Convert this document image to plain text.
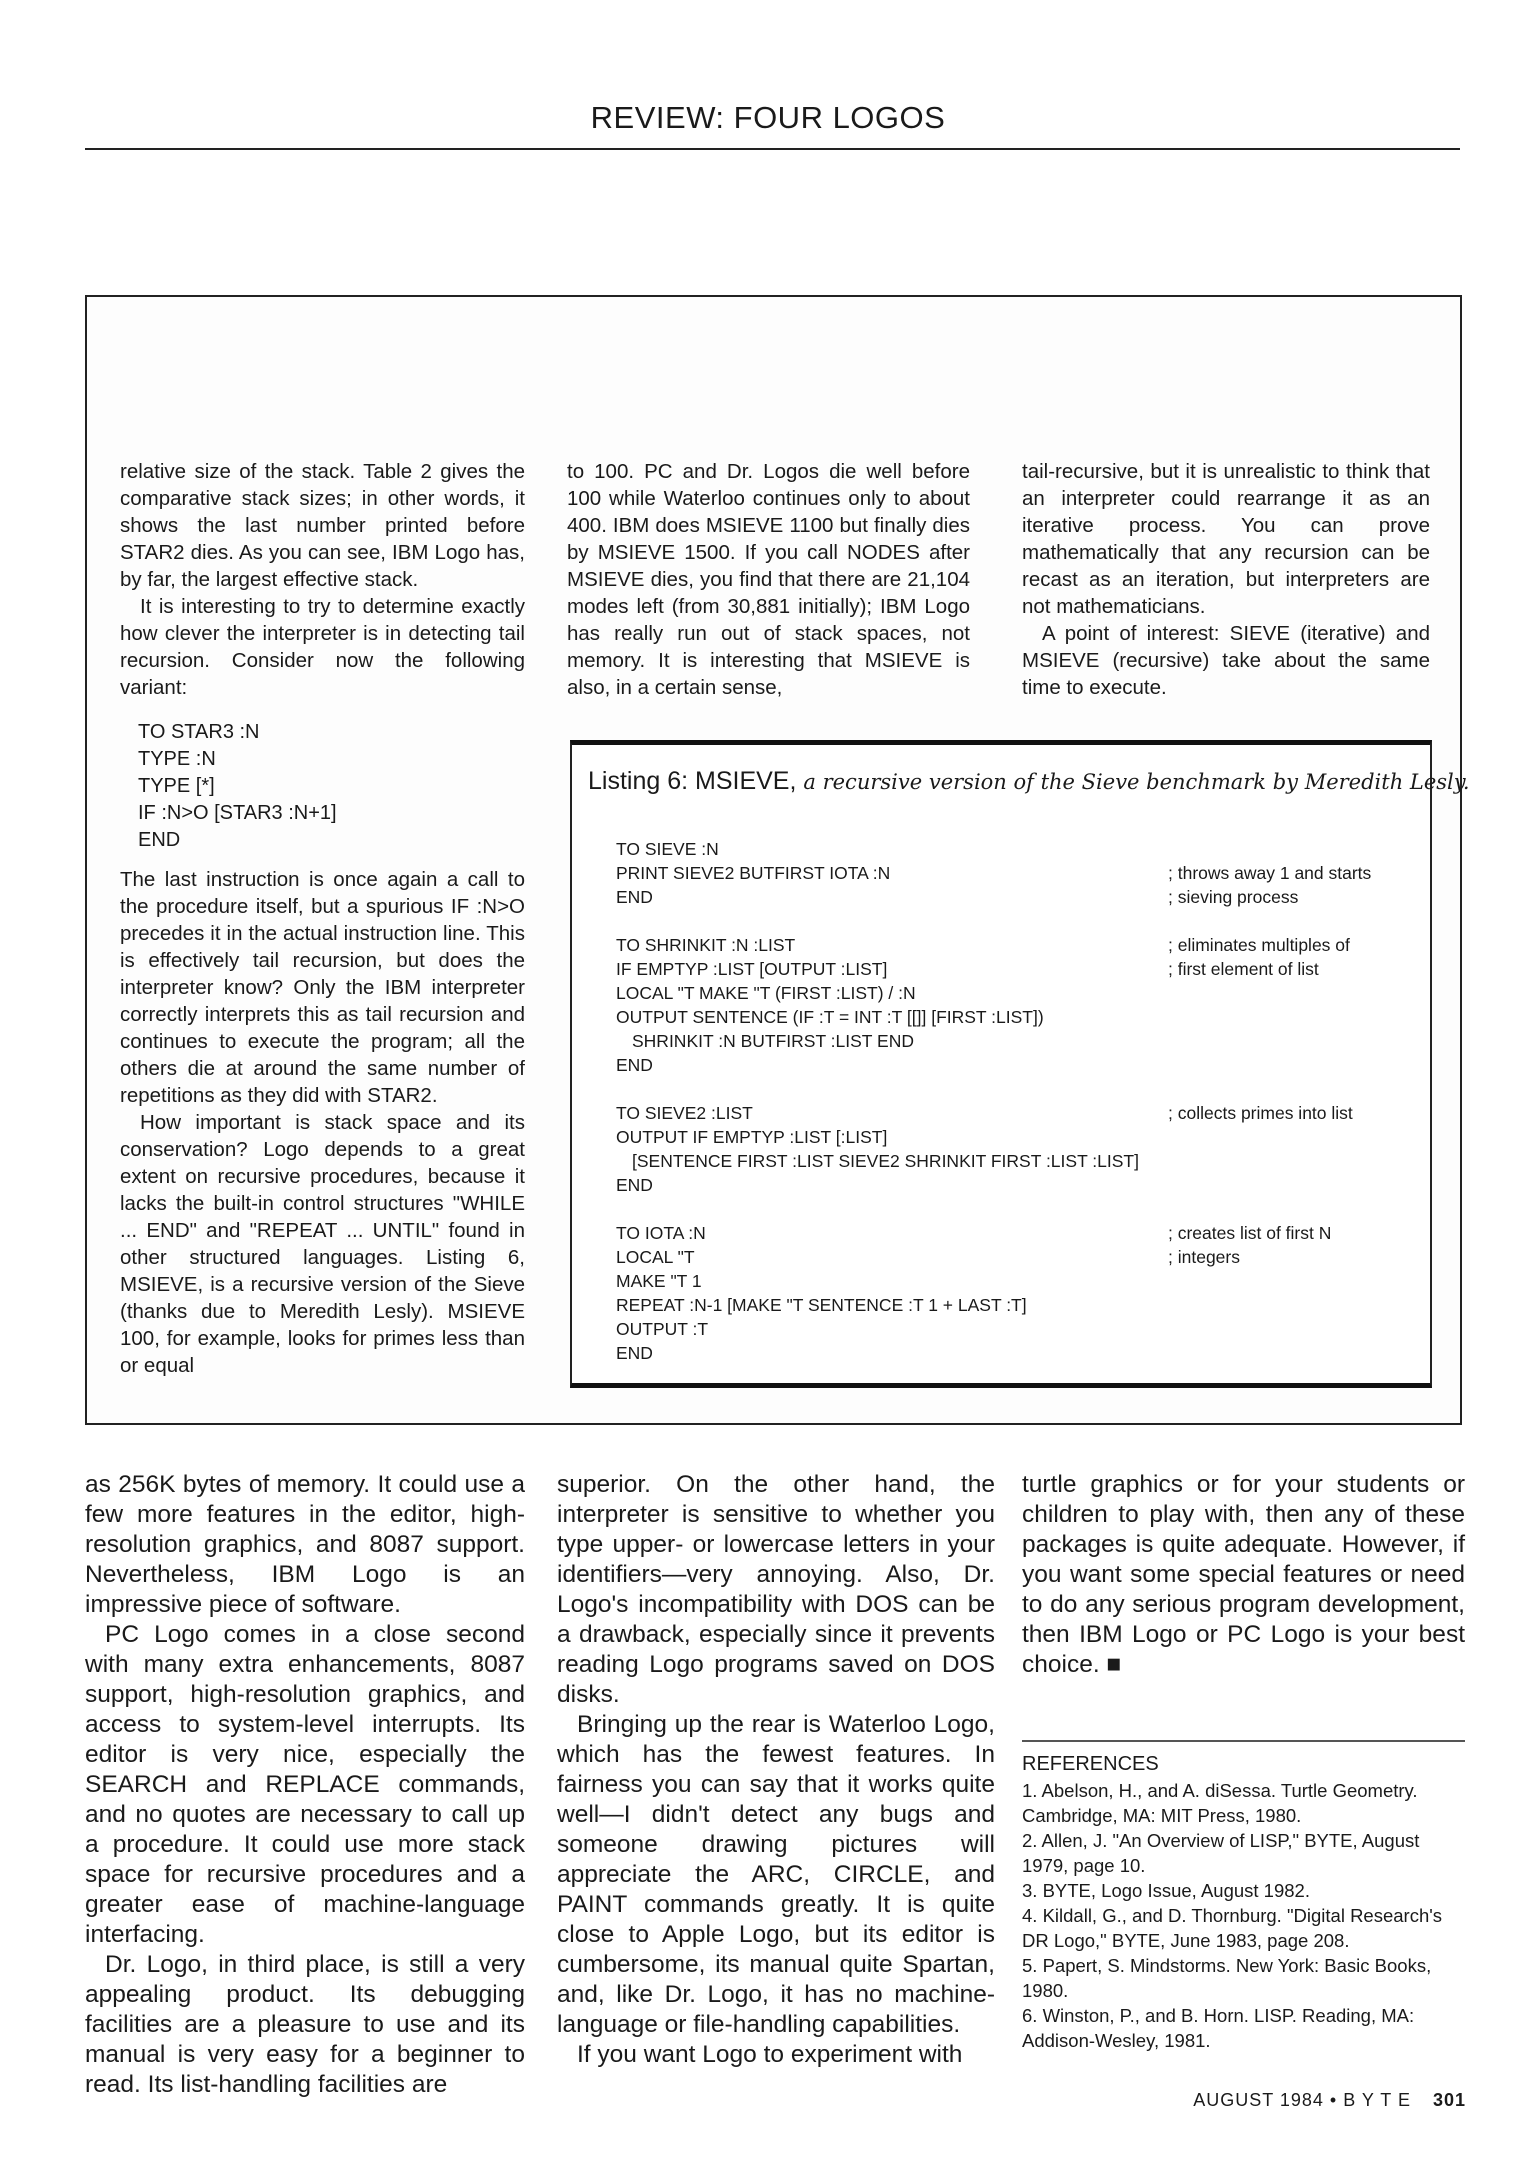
REVIEW: FOUR LOGOS

relative size of the stack. Table 2 gives the comparative stack sizes; in other words, it shows the last number printed before STAR2 dies. As you can see, IBM Logo has, by far, the largest effective stack.

It is interesting to try to determine exactly how clever the interpreter is in detecting tail recursion. Consider now the following variant:

TO STAR3 :N
TYPE :N
TYPE [*]
IF :N>O [STAR3 :N+1]
END

The last instruction is once again a call to the procedure itself, but a spurious IF :N>O precedes it in the actual instruction line. This is effectively tail recursion, but does the interpreter know? Only the IBM interpreter correctly interprets this as tail recursion and continues to execute the program; all the others die at around the same number of repetitions as they did with STAR2.

How important is stack space and its conservation? Logo depends to a great extent on recursive procedures, because it lacks the built-in control structures "WHILE ... END" and "REPEAT ... UNTIL" found in other structured languages. Listing 6, MSIEVE, is a recursive version of the Sieve (thanks due to Meredith Lesly). MSIEVE 100, for example, looks for primes less than or equal

to 100. PC and Dr. Logos die well before 100 while Waterloo continues only to about 400. IBM does MSIEVE 1100 but finally dies by MSIEVE 1500. If you call NODES after MSIEVE dies, you find that there are 21,104 modes left (from 30,881 initially); IBM Logo has really run out of stack spaces, not memory. It is interesting that MSIEVE is also, in a certain sense,

tail-recursive, but it is unrealistic to think that an interpreter could rearrange it as an iterative process. You can prove mathematically that any recursion can be recast as an iteration, but interpreters are not mathematicians.

A point of interest: SIEVE (iterative) and MSIEVE (recursive) take about the same time to execute.

Listing 6: MSIEVE, a recursive version of the Sieve benchmark by Meredith Lesly.
TO SIEVE :N
PRINT SIEVE2 BUTFIRST IOTA :N	; throws away 1 and starts
END	; sieving process
TO SHRINKIT :N :LIST	; eliminates multiples of
IF EMPTYP :LIST [OUTPUT :LIST]	; first element of list
LOCAL "T MAKE "T (FIRST :LIST) / :N
OUTPUT SENTENCE (IF :T = INT :T [[]] [FIRST :LIST])
SHRINKIT :N BUTFIRST :LIST END
END
TO SIEVE2 :LIST	; collects primes into list
OUTPUT IF EMPTYP :LIST [:LIST]
[SENTENCE FIRST :LIST SIEVE2 SHRINKIT FIRST :LIST :LIST]
END
TO IOTA :N	; creates list of first N
LOCAL "T	; integers
MAKE "T 1
REPEAT :N-1 [MAKE "T SENTENCE :T 1 + LAST :T]
OUTPUT :T
END

as 256K bytes of memory. It could use a few more features in the editor, high-resolution graphics, and 8087 support. Nevertheless, IBM Logo is an impressive piece of software.

PC Logo comes in a close second with many extra enhancements, 8087 support, high-resolution graphics, and access to system-level interrupts. Its editor is very nice, especially the SEARCH and REPLACE commands, and no quotes are necessary to call up a procedure. It could use more stack space for recursive procedures and a greater ease of machine-language interfacing.

Dr. Logo, in third place, is still a very appealing product. Its debugging facilities are a pleasure to use and its manual is very easy for a beginner to read. Its list-handling facilities are

superior. On the other hand, the interpreter is sensitive to whether you type upper- or lowercase letters in your identifiers—very annoying. Also, Dr. Logo's incompatibility with DOS can be a drawback, especially since it prevents reading Logo programs saved on DOS disks.

Bringing up the rear is Waterloo Logo, which has the fewest features. In fairness you can say that it works quite well—I didn't detect any bugs and someone drawing pictures will appreciate the ARC, CIRCLE, and PAINT commands greatly. It is quite close to Apple Logo, but its editor is cumbersome, its manual quite Spartan, and, like Dr. Logo, it has no machine-language or file-handling capabilities.

If you want Logo to experiment with

turtle graphics or for your students or children to play with, then any of these packages is quite adequate. However, if you want some special features or need to do any serious program development, then IBM Logo or PC Logo is your best choice. ■

REFERENCES
1. Abelson, H., and A. diSessa. Turtle Geometry. Cambridge, MA: MIT Press, 1980.
2. Allen, J. "An Overview of LISP," BYTE, August 1979, page 10.
3. BYTE, Logo Issue, August 1982.
4. Kildall, G., and D. Thornburg. "Digital Research's DR Logo," BYTE, June 1983, page 208.
5. Papert, S. Mindstorms. New York: Basic Books, 1980.
6. Winston, P., and B. Horn. LISP. Reading, MA: Addison-Wesley, 1981.
AUGUST 1984 • B Y T E 301
